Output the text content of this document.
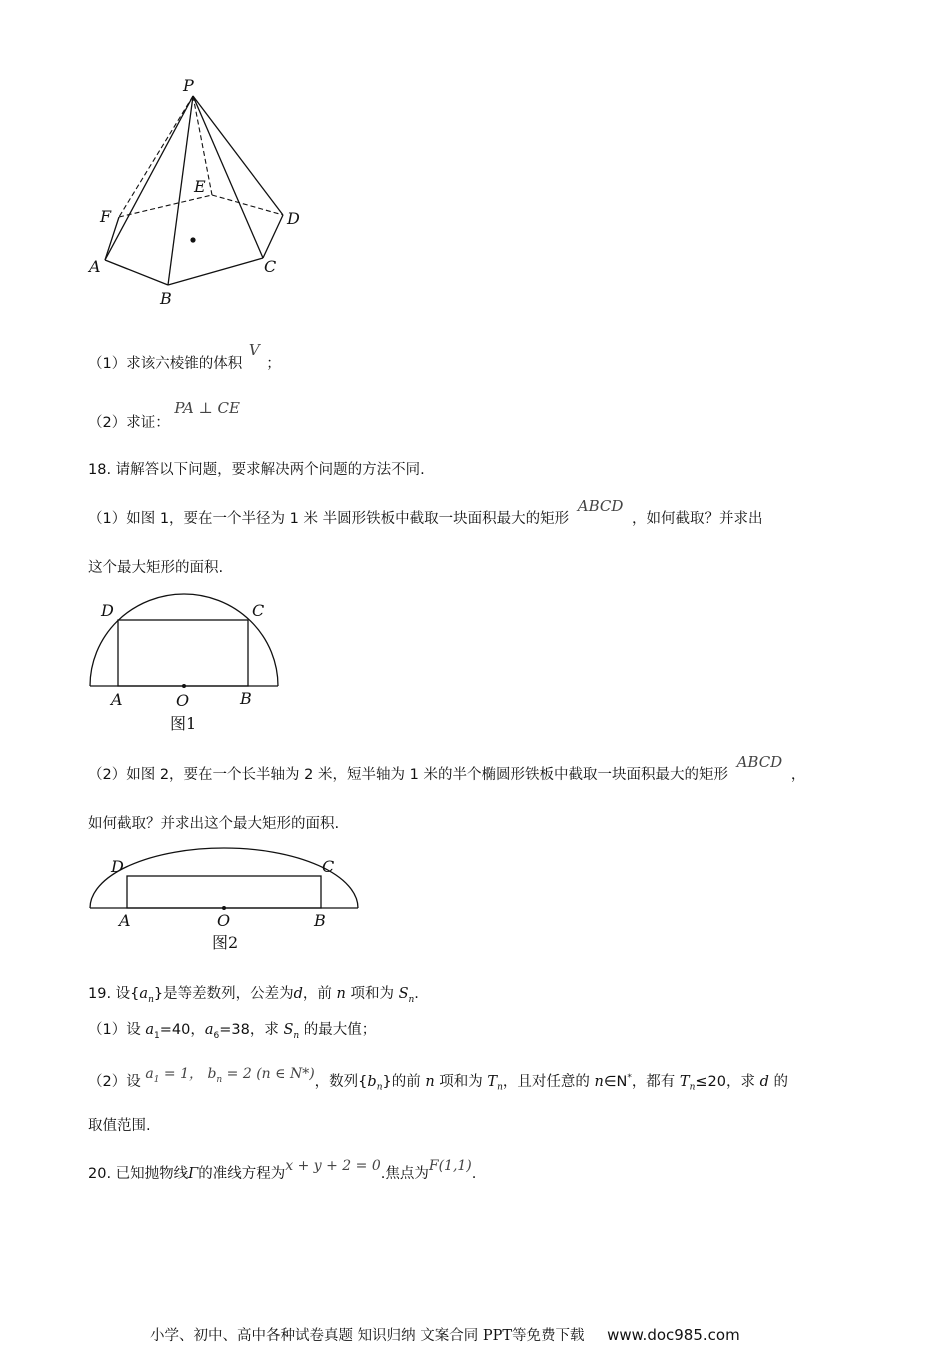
P
E
F	D
A
B
C
（1）求该六棱锥的体积 V ；
（2）求证： PA ⊥ CE
18. 请解答以下问题，要求解决两个问题的方法不同.
（1）如图 1，要在一个半径为 1 米 半圆形铁板中截取一块面积最大的矩形 ABCD ，如何截取？并求出
这个最大矩形的面积.
D	C
A	O	B
图1
（2）如图 2，要在一个长半轴为 2 米，短半轴为 1 米的半个椭圆形铁板中截取一块面积最大的矩形 ABCD ，
如何截取？并求出这个最大矩形的面积.
D	C
A	O	B
图2
19. 设$\{a_n\}$是等差数列，公差为d，前 n 项和为 $S_n$.
（1）设 $a_1=40$，$a_6=38$，求 $S_n$ 的最大值；
（2）设 $a_1 = 1$， $b_n = 2$ (n ∈ N*)，数列$\{b_n\}$的前 n 项和为 $T_n$，且对任意的 n∈N*，都有 $T_n\le 20$，求 d 的
取值范围.
20. 已知抛物线Γ的准线方程为x + y + 2 = 0.焦点为F(1,1).
小学、初中、高中各种试卷真题 知识归纳 文案合同 PPT等免费下载 www.doc985.com
